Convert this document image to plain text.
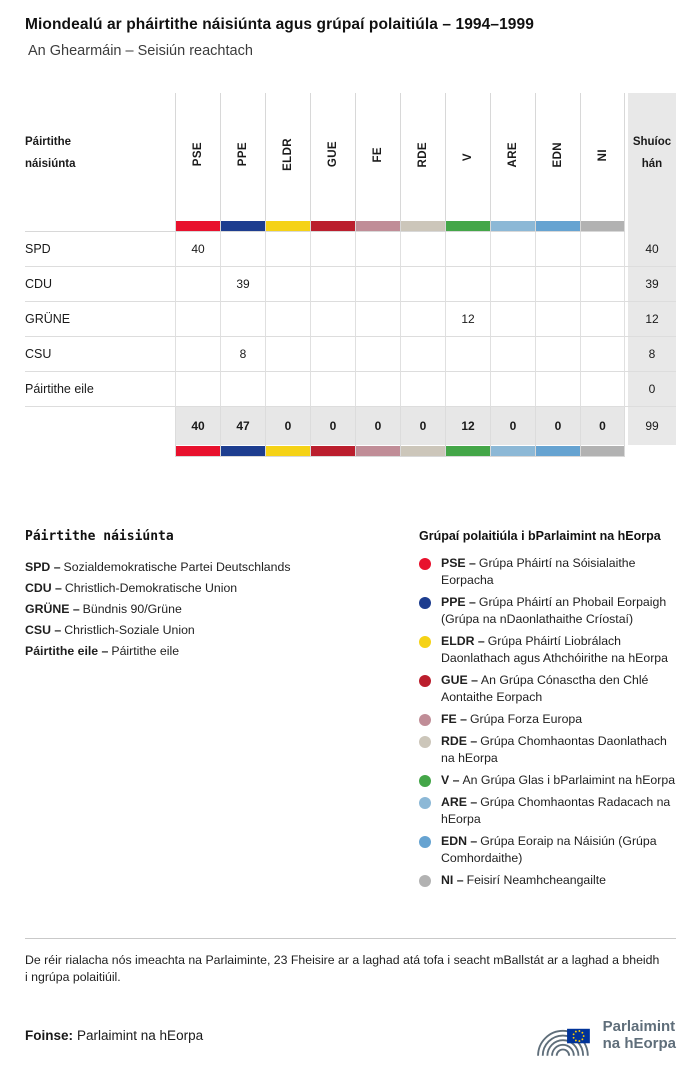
Miondealú ar pháirtithe náisiúnta agus grúpaí polaitiúla – 1994–1999
An Ghearmáin – Seisiún reachtach
Páirtithe náisiúnta	PSE	PPE	ELDR	GUE	FE	RDE	V	ARE	EDN	NI		Shuíochán

SPD	40											40
CDU		39										39
GRÜNE							12					12
CSU		8										8
Páirtithe eile												0
	40	47	0	0	0	0	12	0	0	0		99

Páirtithe náisiúnta
SPD – Sozialdemokratische Partei Deutschlands
CDU – Christlich-Demokratische Union
GRÜNE – Bündnis 90/Grüne
CSU – Christlich-Soziale Union
Páirtithe eile – Páirtithe eile
Grúpaí polaitiúla i bParlaimint na hEorpa
PSE – Grúpa Pháirtí na Sóisialaithe Eorpacha
PPE – Grúpa Pháirtí an Phobail Eorpaigh (Grúpa na nDaonlathaithe Críostaí)
ELDR – Grúpa Pháirtí Liobrálach Daonlathach agus Athchóirithe na hEorpa
GUE – An Grúpa Cónasctha den Chlé Aontaithe Eorpach
FE – Grúpa Forza Europa
RDE – Grúpa Chomhaontas Daonlathach na hEorpa
V – An Grúpa Glas i bParlaimint na hEorpa
ARE – Grúpa Chomhaontas Radacach na hEorpa
EDN – Grúpa Eoraip na Náisiún (Grúpa Comhordaithe)
NI – Feisirí Neamhcheangailte

De réir rialacha nós imeachta na Parlaiminte, 23 Fheisire ar a laghad atá tofa i seacht mBallstát ar a laghad a bheidh i ngrúpa polaitiúil.

Foinse: Parlaimint na hEorpa	Parlaimint
na hEorpa
